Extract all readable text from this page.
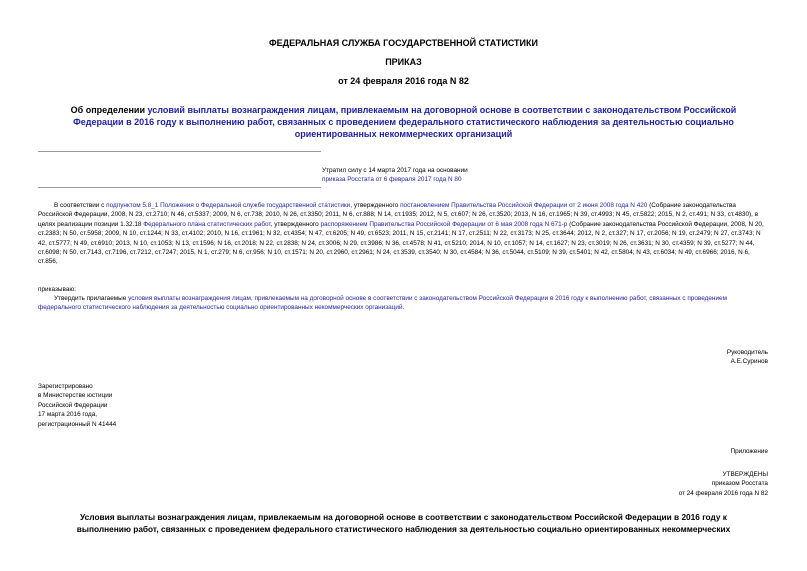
ФЕДЕРАЛЬНАЯ СЛУЖБА ГОСУДАРСТВЕННОЙ СТАТИСТИКИ
ПРИКАЗ
от 24 февраля 2016 года N 82
Об определении условий выплаты вознаграждения лицам, привлекаемым на договорной основе в соответствии с законодательством Российской Федерации в 2016 году к выполнению работ, связанных с проведением федерального статистического наблюдения за деятельностью социально ориентированных некоммерческих организаций

Утратил силу с 14 марта 2017 года на основании

приказа Росстата от 6 февраля 2017 года N 80

В соответствии с подпунктом 5.8_1 Положения о Федеральной службе государственной статистики, утвержденного постановлением Правительства Российской Федерации от 2 июня 2008 года N 420 (Собрание законодательства Российской Федерации, 2008, N 23, ст.2710; N 46, ст.5337; 2009, N 6, ст.738; 2010, N 26, ст.3350; 2011, N 6, ст.888; N 14, ст.1935; 2012, N 5, ст.607; N 26, ст.3520; 2013, N 16, ст.1965; N 39, ст.4993; N 45, ст.5822; 2015, N 2, ст.491; N 33, ст.4830), в целях реализации позиции 1.32.18 Федерального плана статистических работ, утвержденного распоряжением Правительства Российской Федерации от 6 мая 2008 года N 671-р (Собрание законодательства Российской Федерации, 2008, N 20, ст.2383; N 50, ст.5958; 2009, N 10, ст.1244; N 33, ст.4102; 2010, N 16, ст.1961; N 32, ст.4354; N 47, ст.6205; N 49, ст.6523; 2011, N 15, ст.2141; N 17, ст.2511; N 22, ст.3173; N 25, ст.3644; 2012, N 2, ст.327; N 17, ст.2056; N 19, ст.2479; N 27, ст.3743; N 42, ст.5777; N 49, ст.6910; 2013, N 10, ст.1053; N 13, ст.1596; N 16, ст.2018; N 22, ст.2838; N 24, ст.3006; N 29, ст.3986; N 36, ст.4578; N 41, ст.5210; 2014, N 10, ст.1057; N 14, ст.1627; N 23, ст.3019; N 26, ст.3631; N 30, ст.4359; N 39, ст.5277; N 44, ст.6098; N 50, ст.7143, ст.7196, ст.7212, ст.7247; 2015, N 1, ст.279; N 6, ст.956; N 10, ст.1571; N 20, ст.2960, ст.2961; N 24, ст.3539, ст.3540; N 30, ст.4584; N 36, ст.5044, ст.5109; N 39, ст.5401; N 42, ст.5804; N 43, ст.6034; N 49, ст.6966; 2016, N 6, ст.856,
приказываю:
Утвердить прилагаемые условия выплаты вознаграждения лицам, привлекаемым на договорной основе в соответствии с законодательством Российской Федерации в 2016 году к выполнению работ, связанных с проведением федерального статистического наблюдения за деятельностью социально ориентированных некоммерческих организаций.

Руководитель

А.Е.Суринов

Зарегистрировано

в Министерстве юстиции

Российской Федерации

17 марта 2016 года,

регистрационный N 41444

Приложение

УТВЕРЖДЕНЫ

приказом Росстата

от 24 февраля 2016 года N 82

Условия выплаты вознаграждения лицам, привлекаемым на договорной основе в соответствии с законодательством Российской Федерации в 2016 году к

выполнению работ, связанных с проведением федерального статистического наблюдения за деятельностью социально ориентированных некоммерческих
